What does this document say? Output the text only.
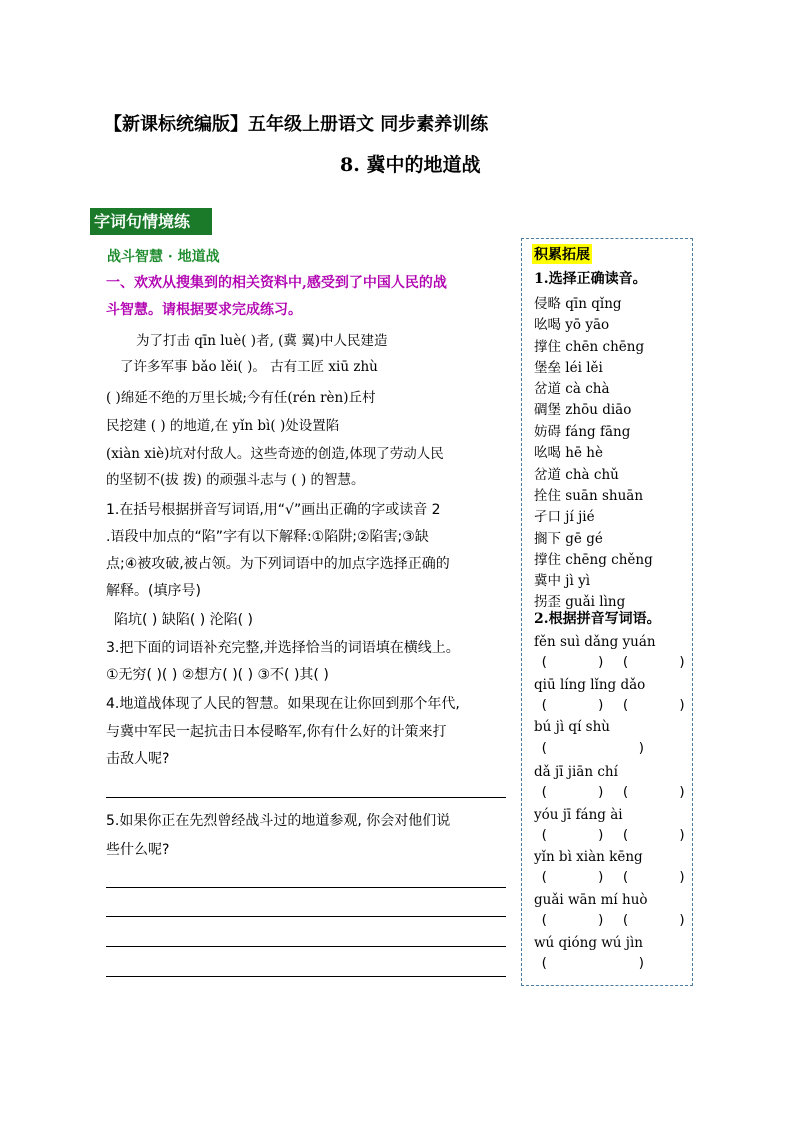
【新课标统编版】五年级上册语文 同步素养训练
8. 冀中的地道战
字词句情境练
战斗智慧 · 地道战
一、欢欢从搜集到的相关资料中,感受到了中国人民的战
斗智慧。请根据要求完成练习。
为了打击 qīn luè( )者, (冀 翼)中人民建造
了许多军事 bǎo lěi( )。 古有工匠 xiū zhù
( )绵延不绝的万里长城;今有任(rén rèn)丘村
民挖建 ( ) 的地道,在 yǐn bì( )处设置陷
(xiàn xiè)坑对付敌人。这些奇迹的创造,体现了劳动人民
的坚韧不(拔 拨) 的顽强斗志与 ( ) 的智慧。
1.在括号根据拼音写词语,用“√”画出正确的字或读音 2
.语段中加点的“陷”字有以下解释:①陷阱;②陷害;③缺
点;④被攻破,被占领。为下列词语中的加点字选择正确的
解释。(填序号)
陷坑( ) 缺陷( ) 沦陷( )
3.把下面的词语补充完整,并选择恰当的词语填在横线上。
①无穷( )( ) ②想方( )( ) ③不( )其( )
4.地道战体现了人民的智慧。如果现在让你回到那个年代,
与冀中军民一起抗击日本侵略军,你有什么好的计策来打
击敌人呢?
5.如果你正在先烈曾经战斗过的地道参观, 你会对他们说
些什么呢?
积累拓展
1.选择正确读音。
侵略 qīn qǐng
吆喝 yō yāo
撑住 chēn chēng
堡垒 léi lěi
岔道 cà chà
碉堡 zhōu diāo
妨碍 fáng fāng
吆喝 hē hè
岔道 chà chǔ
拴住 suān shuān
孑口 jí jié
搁下 gē gé
撑住 chēng chěng
冀中 jì yì
拐歪 guǎi lìng
2.根据拼音写词语。
fěn suì dǎng yuán
(      )  (      )
qiū líng lǐng dǎo
(      )  (      )
bú jì qí shù
(           )
dǎ jī jiān chí
(      )  (      )
yóu jī fáng ài
(      )  (      )
yǐn bì xiàn kēng
(      )  (      )
guǎi wān mí huò
(      )  (      )
wú qióng wú jìn
(           )
